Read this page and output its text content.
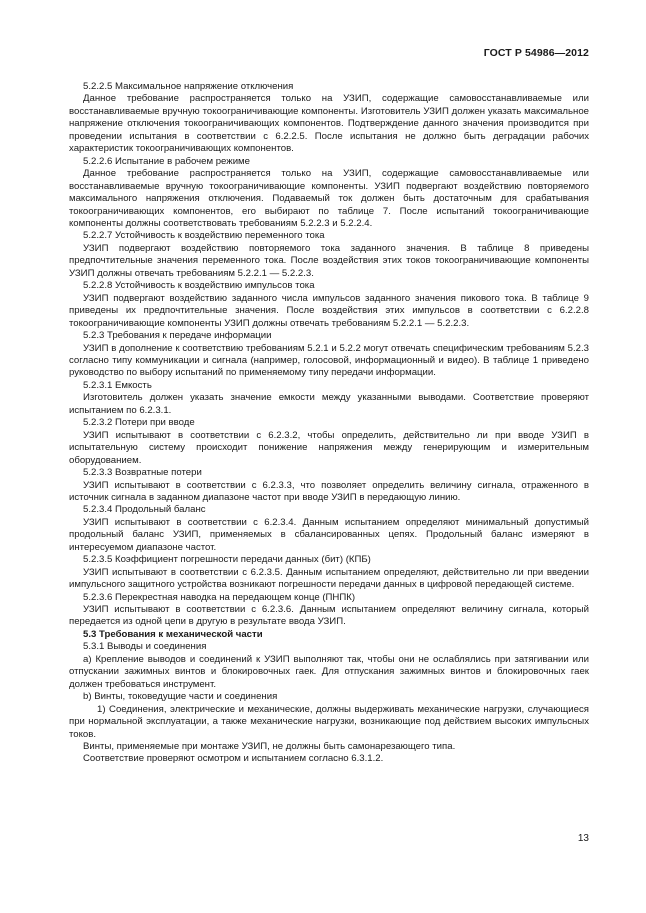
ГОСТ Р 54986—2012

5.2.2.5 Максимальное напряжение отключения

Данное требование распространяется только на УЗИП, содержащие самовосстанавливаемые или восстанавливаемые вручную токоограничивающие компоненты. Изготовитель УЗИП должен указать максимальное напряжение отключения токоограничивающих компонентов. Подтверждение данного значения производится при проведении испытания в соответствии с 6.2.2.5. После испытания не должно быть деградации рабочих характеристик токоограничивающих компонентов.

5.2.2.6 Испытание в рабочем режиме

Данное требование распространяется только на УЗИП, содержащие самовосстанавливаемые или восстанавливаемые вручную токоограничивающие компоненты. УЗИП подвергают воздействию повторяемого максимального напряжения отключения. Подаваемый ток должен быть достаточным для срабатывания токоограничивающих компонентов, его выбирают по таблице 7. После испытаний токоограничивающие компоненты должны соответствовать требованиям 5.2.2.3 и 5.2.2.4.

5.2.2.7 Устойчивость к воздействию переменного тока

УЗИП подвергают воздействию повторяемого тока заданного значения. В таблице 8 приведены предпочтительные значения переменного тока. После воздействия этих токов токоограничивающие компоненты УЗИП должны отвечать требованиям 5.2.2.1 — 5.2.2.3.

5.2.2.8 Устойчивость к воздействию импульсов тока

УЗИП подвергают воздействию заданного числа импульсов заданного значения пикового тока. В таблице 9 приведены их предпочтительные значения. После воздействия этих импульсов в соответствии с 6.2.2.8 токоограничивающие компоненты УЗИП должны отвечать требованиям 5.2.2.1 — 5.2.2.3.

5.2.3 Требования к передаче информации

УЗИП в дополнение к соответствию требованиям 5.2.1 и 5.2.2 могут отвечать специфическим требованиям 5.2.3 согласно типу коммуникации и сигнала (например, голосовой, информационный и видео). В таблице 1 приведено руководство по выбору испытаний по применяемому типу передачи информации.

5.2.3.1 Емкость

Изготовитель должен указать значение емкости между указанными выводами. Соответствие проверяют испытанием по 6.2.3.1.

5.2.3.2 Потери при вводе

УЗИП испытывают в соответствии с 6.2.3.2, чтобы определить, действительно ли при вводе УЗИП в испытательную систему происходит понижение напряжения между генерирующим и измерительным оборудованием.

5.2.3.3 Возвратные потери

УЗИП испытывают в соответствии с 6.2.3.3, что позволяет определить величину сигнала, отраженного в источник сигнала в заданном диапазоне частот при вводе УЗИП в передающую линию.

5.2.3.4 Продольный баланс

УЗИП испытывают в соответствии с 6.2.3.4. Данным испытанием определяют минимальный допустимый продольный баланс УЗИП, применяемых в сбалансированных цепях. Продольный баланс измеряют в интересуемом диапазоне частот.

5.2.3.5 Коэффициент погрешности передачи данных (бит) (КПБ)

УЗИП испытывают в соответствии с 6.2.3.5. Данным испытанием определяют, действительно ли при введении импульсного защитного устройства возникают погрешности передачи данных в цифровой передающей системе.

5.2.3.6 Перекрестная наводка на передающем конце (ПНПК)

УЗИП испытывают в соответствии с 6.2.3.6. Данным испытанием определяют величину сигнала, который передается из одной цепи в другую в результате ввода УЗИП.

5.3 Требования к механической части

5.3.1 Выводы и соединения

a) Крепление выводов и соединений к УЗИП выполняют так, чтобы они не ослаблялись при затягивании или отпускании зажимных винтов и блокировочных гаек. Для отпускания зажимных винтов и блокировочных гаек должен требоваться инструмент.

b) Винты, токоведущие части и соединения

1) Соединения, электрические и механические, должны выдерживать механические нагрузки, случающиеся при нормальной эксплуатации, а также механические нагрузки, возникающие под действием высоких импульсных токов.

Винты, применяемые при монтаже УЗИП, не должны быть самонарезающего типа.

Соответствие проверяют осмотром и испытанием согласно 6.3.1.2.

13
